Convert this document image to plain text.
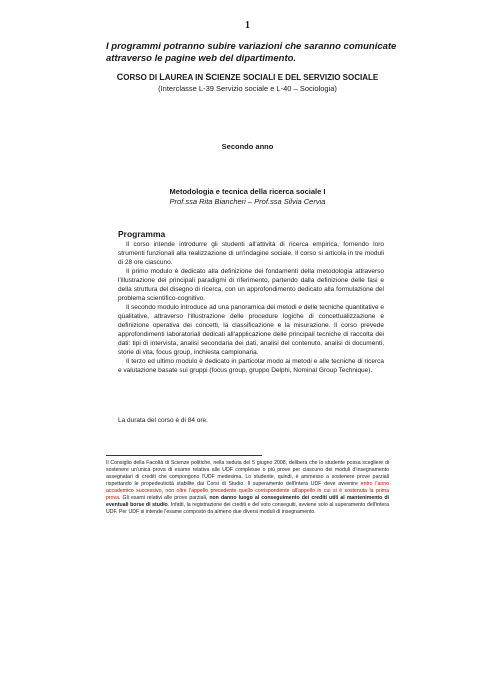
1
I programmi potranno subire variazioni che saranno comunicate attraverso le pagine web del dipartimento.
CORSO DI LAUREA IN SCIENZE SOCIALI E DEL SERVIZIO SOCIALE
(Interclasse L-39 Servizio sociale e L-40 – Sociologia)
Secondo anno
Metodologia e tecnica della ricerca sociale I
Prof.ssa Rita Biancheri – Prof.ssa Silvia Cervia
Programma

Il corso intende introdurre gli studenti all'attività di ricerca empirica, fornendo loro strumenti funzionali alla realizzazione di un'indagine sociale. Il corso si articola in tre moduli di 28 ore ciascuno.

Il primo modulo è dedicato alla definizione dei fondamenti della metodologia attraverso l'illustrazione dei principali paradigmi di riferimento, partendo dalla definizione delle fasi e della struttura del disegno di ricerca, con un approfondimento dedicato alla formulazione del problema scientifico-cognitivo.

Il secondo modulo introduce ad una panoramica dei metodi e delle tecniche quantitative e qualitative, attraverso l'illustrazione delle procedure logiche di concettualizzazione e definizione operativa dei concetti, la classificazione e la misurazione. Il corso prevede approfondimenti laboratoriali dedicati all'applicazione delle principali tecniche di raccolta dei dati: tipi di intervista, analisi secondaria dei dati, analisi del contenuto, analisi di documenti, storie di vita, focus group, inchiesta campionaria.

Il terzo ed ultimo modulo è dedicato in particolar modo ai metodi e alle tecniche di ricerca e valutazione basate sui gruppi (focus group, gruppo Delphi, Nominal Group Technique).

La durata del corso è di 84 ore.
Il Consiglio della Facoltà di Scienze politiche, nella seduta del 5 giugno 2008, delibera che lo studente possa scegliere di sostenere un'unica prova di esame relativa alle UDF complesse o più prove per ciascuno dei moduli d'insegnamento assegnatari di crediti che compongono l'UDF medesima. Lo studente, quindi, è ammesso a sostenere prove parziali rispettando le propedeuticità stabilite dai Corsi di Studio. Il superamento dell'intera UDF deve avvenire entro l'anno accademico successivo, non oltre l'appello precedente quello corrispondente all'appello in cui si è sostenuta la prima prova. Gli esami relativi alle prove parziali, non danno luogo al conseguimento dei crediti utili al mantenimento di eventuali borse di studio. Infatti, la registrazione dei crediti e del voto conseguiti, avviene solo al superamento dell'intera UDF. Per UDF si intende l'esame composto da almeno due diversi moduli di insegnamento.
